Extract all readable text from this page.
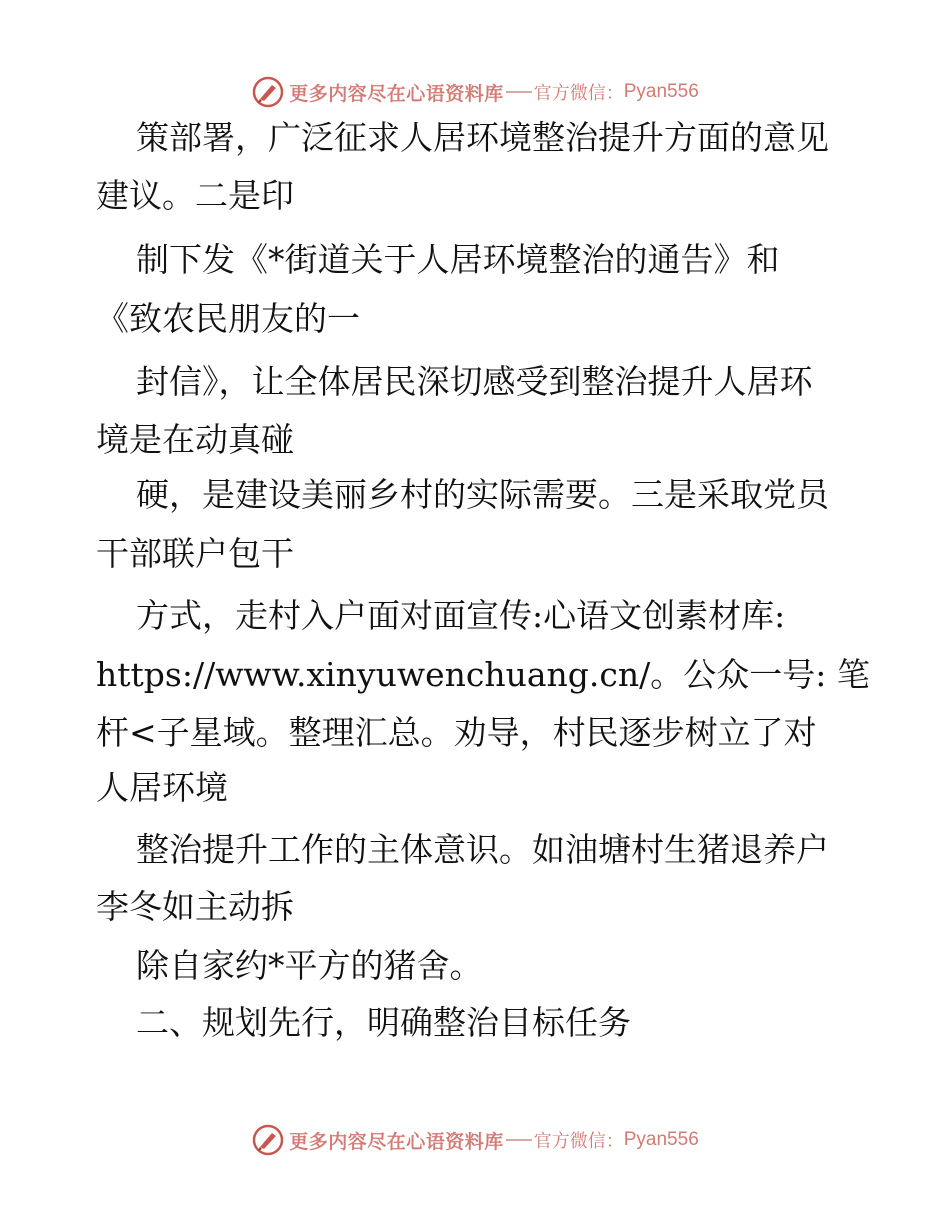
更多内容尽在心语资料库 官方微信： Pyan556
策部署，广泛征求人居环境整治提升方面的意见
建议。二是印
制下发《*街道关于人居环境整治的通告》和
《致农民朋友的一
封信》，让全体居民深切感受到整治提升人居环
境是在动真碰
硬，是建设美丽乡村的实际需要。三是采取党员
干部联户包干
方式，走村入户面对面宣传:心语文创素材库:
https://www.xinyuwenchuang.cn/。公众一号: 笔
杆<子星域。整理汇总。劝导，村民逐步树立了对
人居环境
整治提升工作的主体意识。如油塘村生猪退养户
李冬如主动拆
除自家约*平方的猪舍。
二、规划先行，明确整治目标任务
更多内容尽在心语资料库 官方微信： Pyan556
